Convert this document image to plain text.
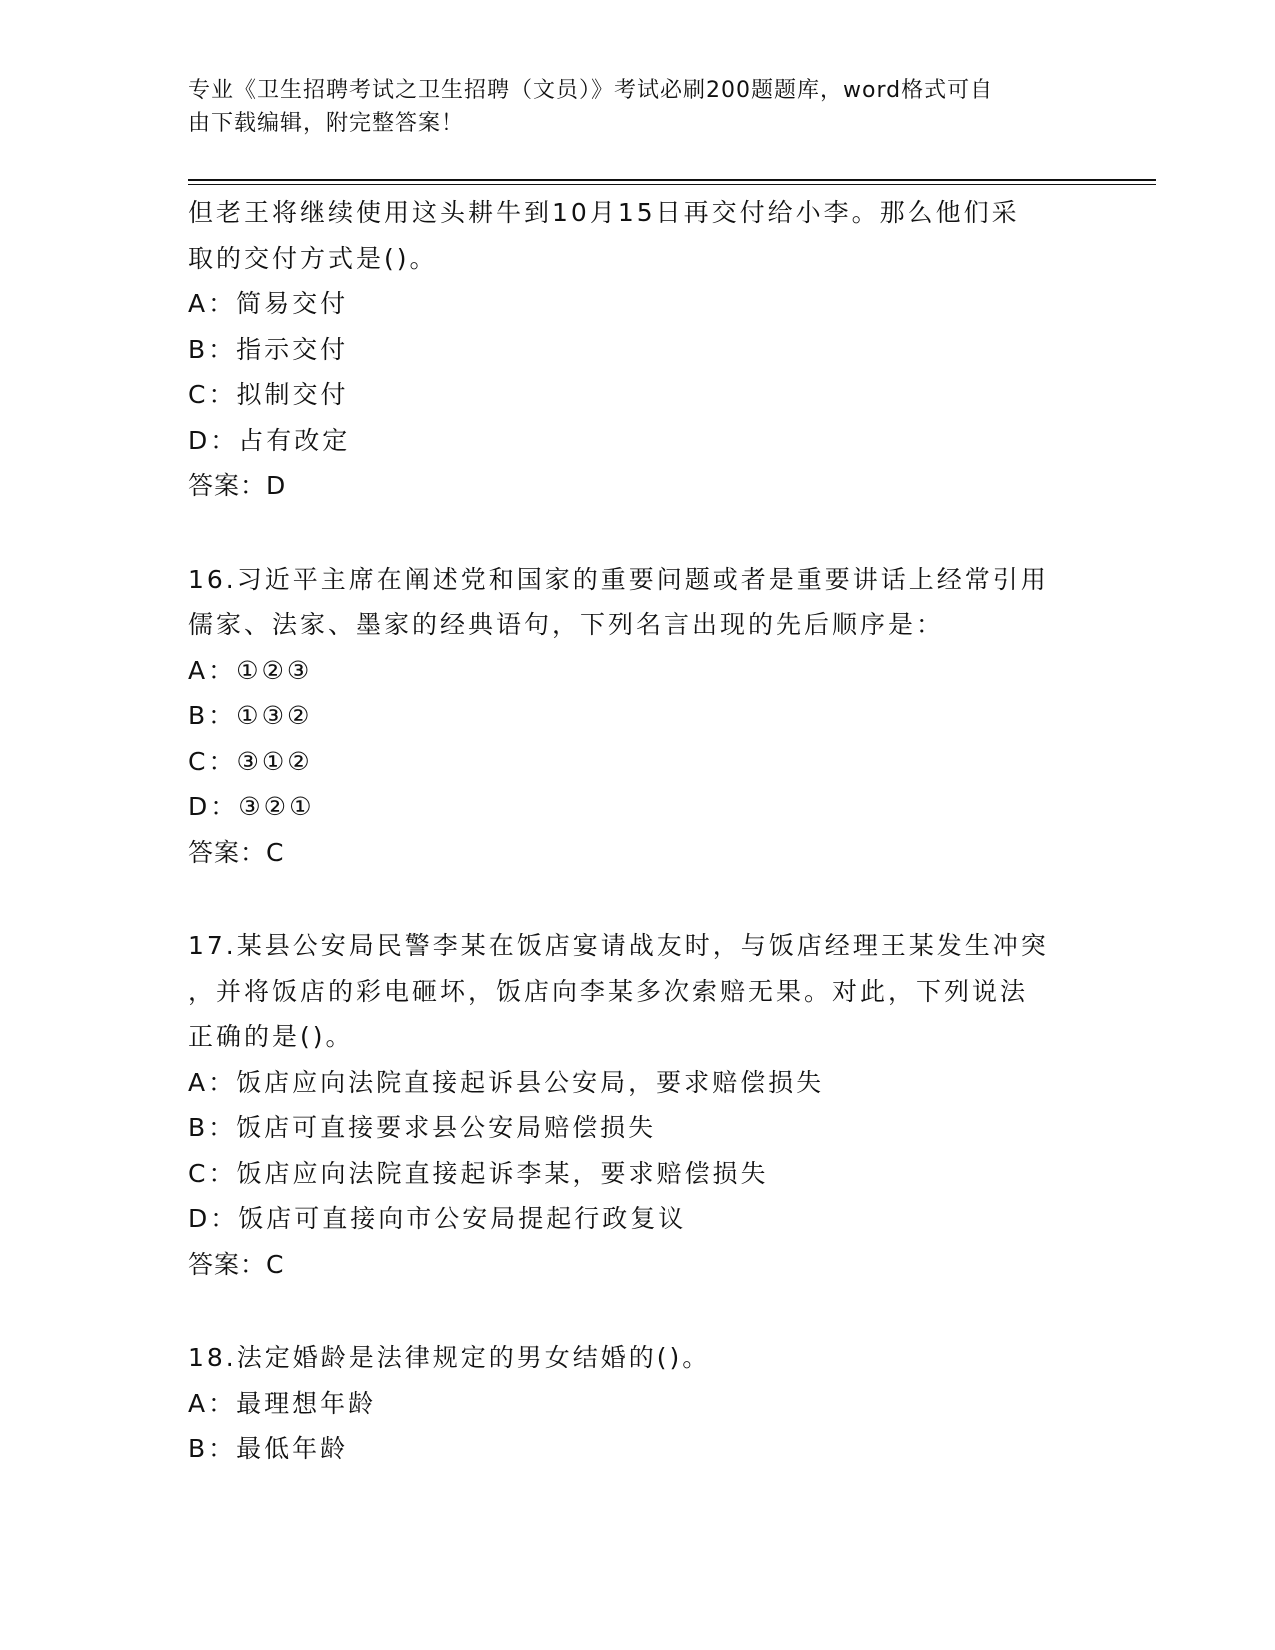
专业《卫生招聘考试之卫生招聘（文员）》考试必刷200题题库，word格式可自
由下载编辑，附完整答案！
但老王将继续使用这头耕牛到10月15日再交付给小李。那么他们采
取的交付方式是()。
A：简易交付
B：指示交付
C：拟制交付
D：占有改定
答案：D
16.习近平主席在阐述党和国家的重要问题或者是重要讲话上经常引用
儒家、法家、墨家的经典语句，下列名言出现的先后顺序是：
A：①②③
B：①③②
C：③①②
D：③②①
答案：C
17.某县公安局民警李某在饭店宴请战友时，与饭店经理王某发生冲突
，并将饭店的彩电砸坏，饭店向李某多次索赔无果。对此，下列说法
正确的是()。
A：饭店应向法院直接起诉县公安局，要求赔偿损失
B：饭店可直接要求县公安局赔偿损失
C：饭店应向法院直接起诉李某，要求赔偿损失
D：饭店可直接向市公安局提起行政复议
答案：C
18.法定婚龄是法律规定的男女结婚的()。
A：最理想年龄
B：最低年龄
